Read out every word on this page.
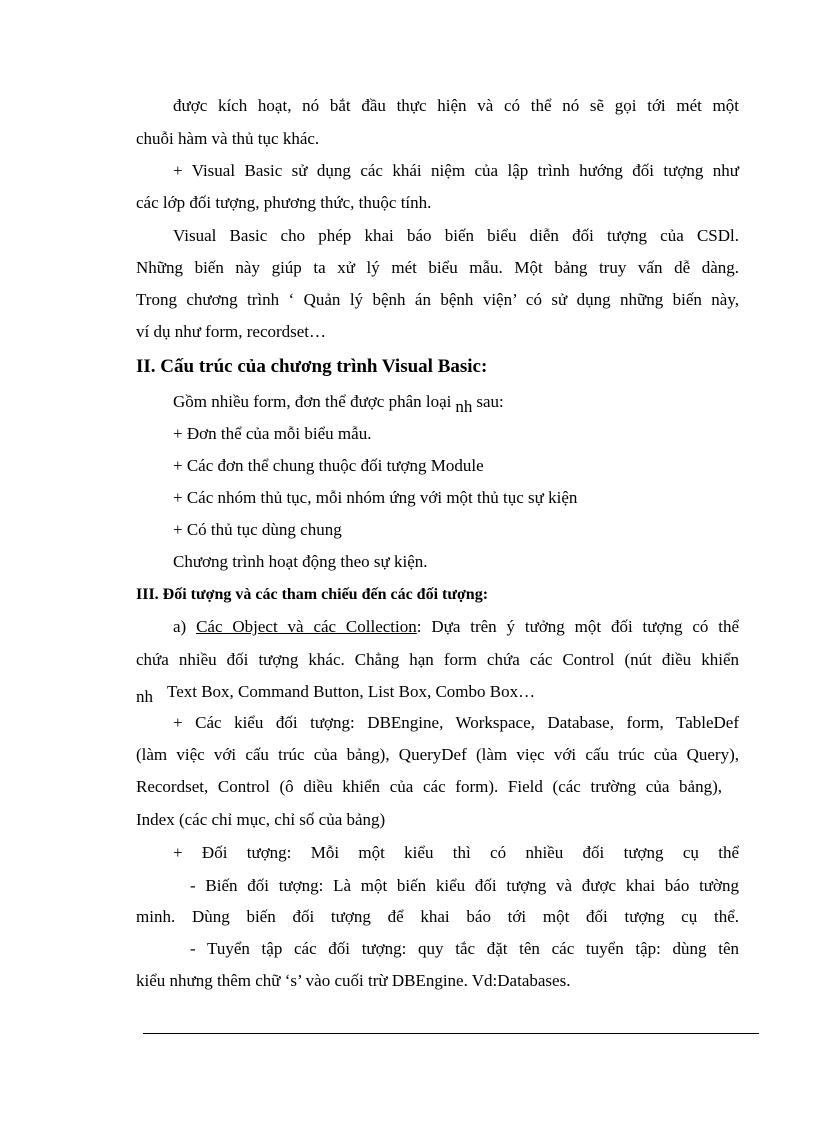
được kích hoạt, nó bắt đầu thực hiện và có thể nó sẽ gọi tới mét một
chuỗi hàm và thủ tục khác.
+ Visual Basic sử dụng các khái niệm của lập trình hướng đối tượng như
các lớp đối tượng, phương thức, thuộc tính.
Visual Basic cho phép khai báo biến biểu diễn đối tượng của CSDl.
Những biến này giúp ta xử lý mét biểu mẫu. Một bảng truy vấn dễ dàng.
Trong chương trình ‘ Quản lý bệnh án bệnh viện’ có sử dụng những biến này,
ví dụ như form, recordset…
II. Cấu trúc của chương trình Visual Basic:
Gồm nhiều form, đơn thể được phân loại nh sau:
+ Đơn thể của mỗi biểu mẫu.
+ Các đơn thể chung thuộc đối tượng Module
+ Các nhóm thủ tục, mỗi nhóm ứng với một thủ tục sự kiện
+ Có thủ tục dùng chung
Chương trình hoạt động theo sự kiện.
III. Đối tượng và các tham chiếu đến các đối tượng:
a) Các Object và các Collection: Dựa trên ý tưởng một đối tượng có thể
chứa nhiều đối tượng khác. Chẳng hạn form chứa các Control (nút điều khiển
nh Text Box, Command Button, List Box, Combo Box…
+ Các kiểu đối tượng: DBEngine, Workspace, Database, form, TableDef
(làm việc với cấu trúc của bảng), QueryDef (làm viẹc với cấu trúc của Query),
Recordset, Control (ô diều khiển của các form). Field (các trường của bảng),
Index (các chỉ mục, chỉ số của bảng)
+ Đối tượng: Mỗi một kiểu thì có nhiều đối tượng cụ thể
- Biến đối tượng: Là một biến kiểu đối tượng và được khai báo tường
minh. Dùng biến đối tượng để khai báo tới một đối tượng cụ thể.
- Tuyển tập các đối tượng: quy tắc đặt tên các tuyển tập: dùng tên
kiểu nhưng thêm chữ ‘s’ vào cuối trừ DBEngine. Vd:Databases.
